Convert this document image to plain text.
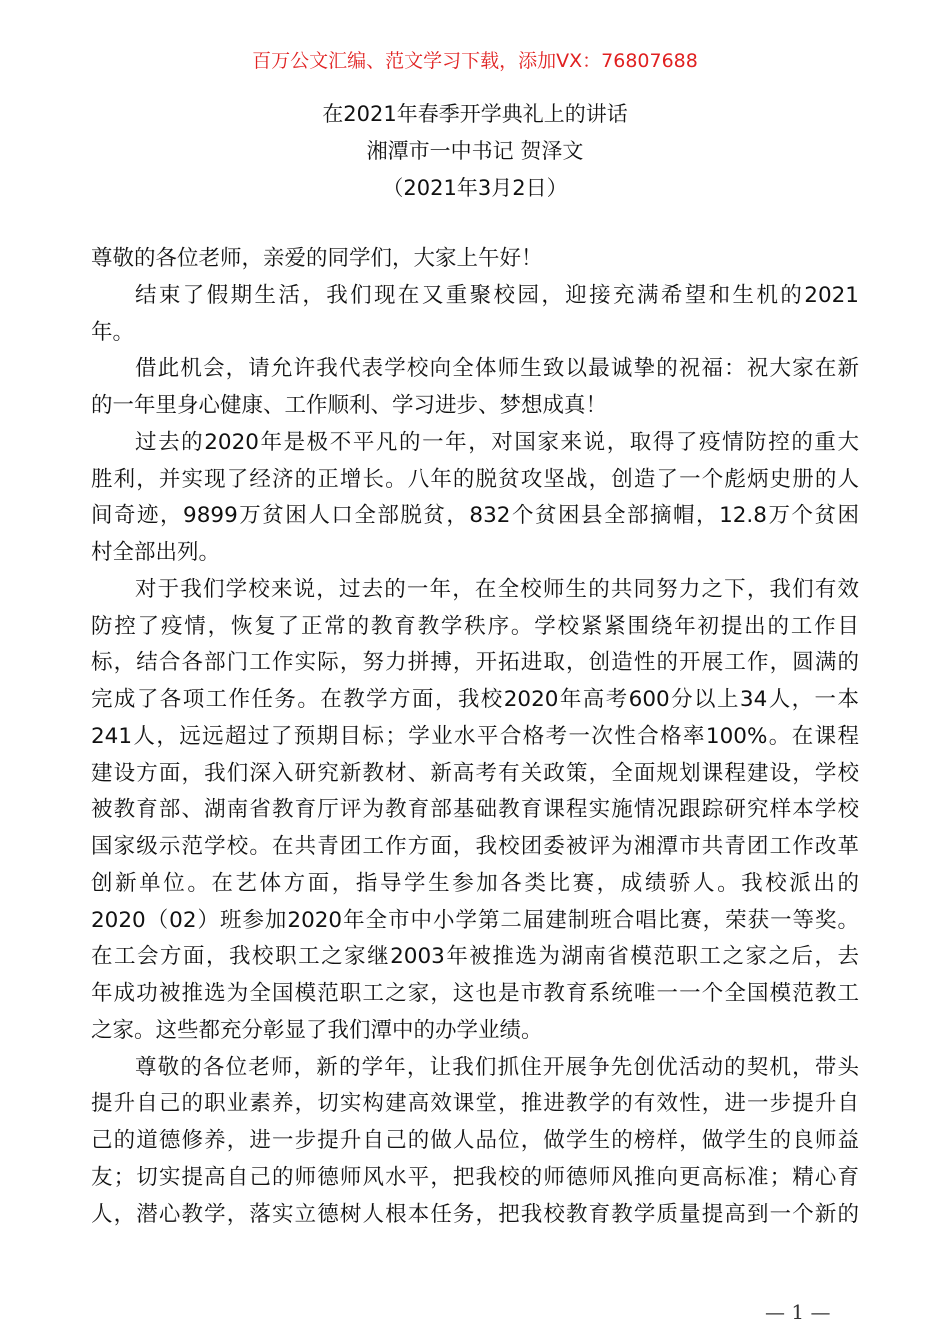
百万公文汇编、范文学习下载，添加VX：76807688
在2021年春季开学典礼上的讲话
湘潭市一中书记 贺泽文
（2021年3月2日）
尊敬的各位老师，亲爱的同学们，大家上午好！
结束了假期生活，我们现在又重聚校园，迎接充满希望和生机的2021
年。
借此机会，请允许我代表学校向全体师生致以最诚挚的祝福：祝大家在新
的一年里身心健康、工作顺利、学习进步、梦想成真！
过去的2020年是极不平凡的一年，对国家来说，取得了疫情防控的重大
胜利，并实现了经济的正增长。八年的脱贫攻坚战，创造了一个彪炳史册的人
间奇迹，9899万贫困人口全部脱贫，832个贫困县全部摘帽，12.8万个贫困
村全部出列。
对于我们学校来说，过去的一年，在全校师生的共同努力之下，我们有效
防控了疫情，恢复了正常的教育教学秩序。学校紧紧围绕年初提出的工作目
标，结合各部门工作实际，努力拼搏，开拓进取，创造性的开展工作，圆满的
完成了各项工作任务。在教学方面，我校2020年高考600分以上34人，一本
241人，远远超过了预期目标；学业水平合格考一次性合格率100%。在课程
建设方面，我们深入研究新教材、新高考有关政策，全面规划课程建设，学校
被教育部、湖南省教育厅评为教育部基础教育课程实施情况跟踪研究样本学校
国家级示范学校。在共青团工作方面，我校团委被评为湘潭市共青团工作改革
创新单位。在艺体方面，指导学生参加各类比赛，成绩骄人。我校派出的
2020（02）班参加2020年全市中小学第二届建制班合唱比赛，荣获一等奖。
在工会方面，我校职工之家继2003年被推选为湖南省模范职工之家之后，去
年成功被推选为全国模范职工之家，这也是市教育系统唯一一个全国模范教工
之家。这些都充分彰显了我们潭中的办学业绩。
尊敬的各位老师，新的学年，让我们抓住开展争先创优活动的契机，带头
提升自己的职业素养，切实构建高效课堂，推进教学的有效性，进一步提升自
己的道德修养，进一步提升自己的做人品位，做学生的榜样，做学生的良师益
友；切实提高自己的师德师风水平，把我校的师德师风推向更高标准；精心育
人，潜心教学，落实立德树人根本任务，把我校教育教学质量提高到一个新的
— 1 —
